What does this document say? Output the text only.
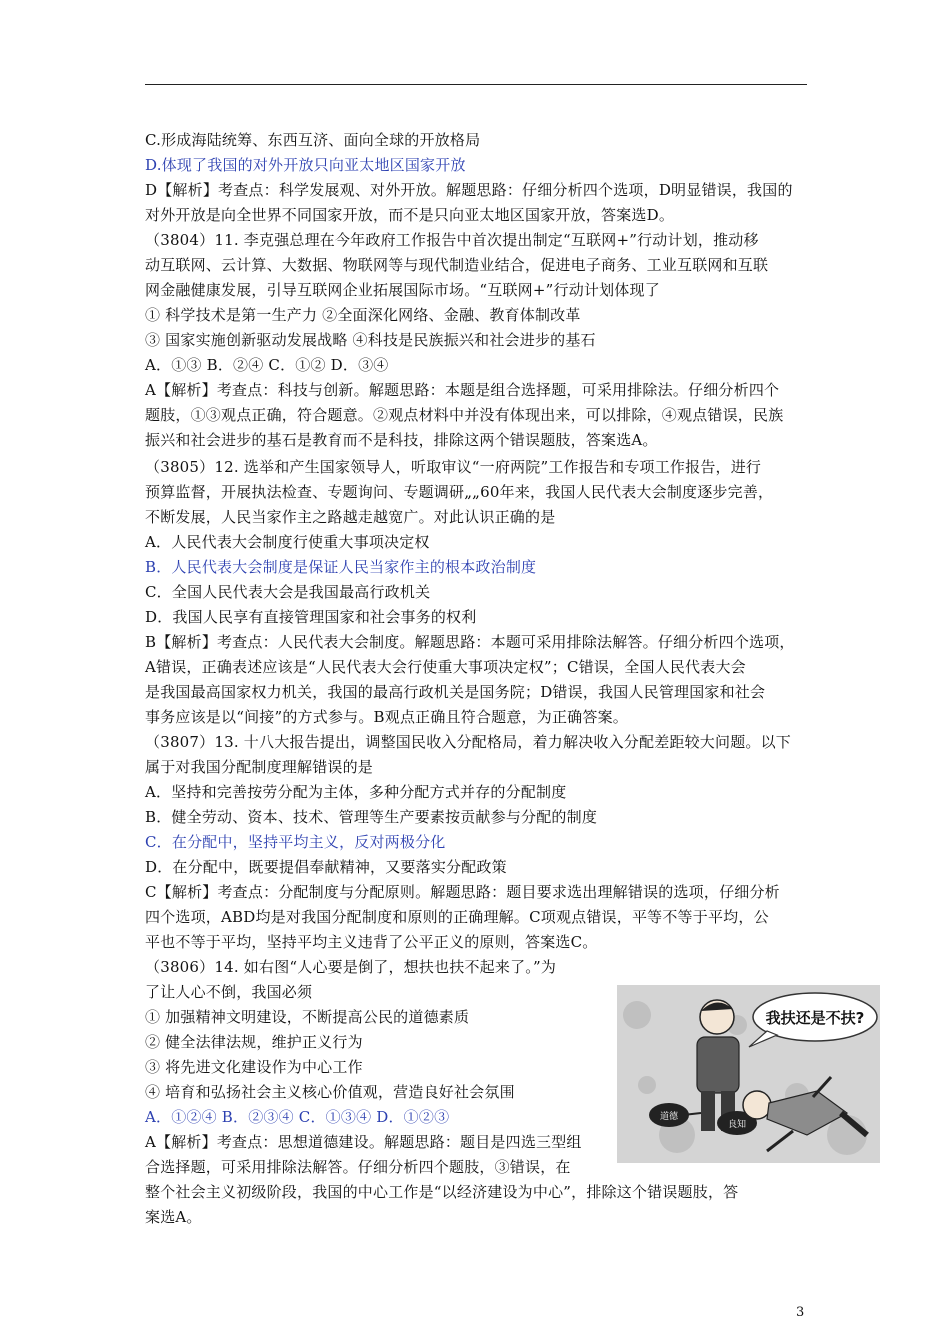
C.形成海陆统筹、东西互济、面向全球的开放格局
D.体现了我国的对外开放只向亚太地区国家开放
D【解析】考查点：科学发展观、对外开放。解题思路：仔细分析四个选项，D明显错误，我国的
对外开放是向全世界不同国家开放，而不是只向亚太地区国家开放，答案选D。
（3804）11. 李克强总理在今年政府工作报告中首次提出制定“互联网+”行动计划，推动移
动互联网、云计算、大数据、物联网等与现代制造业结合，促进电子商务、工业互联网和互联
网金融健康发展，引导互联网企业拓展国际市场。“互联网+”行动计划体现了
① 科学技术是第一生产力 ②全面深化网络、金融、教育体制改革
③ 国家实施创新驱动发展战略 ④科技是民族振兴和社会进步的基石
A．①③ B．②④ C．①② D．③④
A【解析】考查点：科技与创新。解题思路：本题是组合选择题，可采用排除法。仔细分析四个
题肢，①③观点正确，符合题意。②观点材料中并没有体现出来，可以排除，④观点错误，民族
振兴和社会进步的基石是教育而不是科技，排除这两个错误题肢，答案选A。
（3805）12. 选举和产生国家领导人，听取审议“一府两院”工作报告和专项工作报告，进行
预算监督，开展执法检查、专题询问、专题调研„„60年来，我国人民代表大会制度逐步完善，
不断发展，人民当家作主之路越走越宽广。对此认识正确的是
A．人民代表大会制度行使重大事项决定权
B．人民代表大会制度是保证人民当家作主的根本政治制度
C．全国人民代表大会是我国最高行政机关
D．我国人民享有直接管理国家和社会事务的权利
B【解析】考查点：人民代表大会制度。解题思路：本题可采用排除法解答。仔细分析四个选项，
A错误，正确表述应该是“人民代表大会行使重大事项决定权”；C错误，全国人民代表大会
是我国最高国家权力机关，我国的最高行政机关是国务院；D错误，我国人民管理国家和社会
事务应该是以“间接”的方式参与。B观点正确且符合题意，为正确答案。
（3807）13. 十八大报告提出，调整国民收入分配格局，着力解决收入分配差距较大问题。以下
属于对我国分配制度理解错误的是
A．坚持和完善按劳分配为主体，多种分配方式并存的分配制度
B．健全劳动、资本、技术、管理等生产要素按贡献参与分配的制度
C．在分配中，坚持平均主义，反对两极分化
D．在分配中，既要提倡奉献精神，又要落实分配政策
C【解析】考查点：分配制度与分配原则。解题思路：题目要求选出理解错误的选项，仔细分析
四个选项，ABD均是对我国分配制度和原则的正确理解。C项观点错误，平等不等于平均，公
平也不等于平均，坚持平均主义违背了公平正义的原则，答案选C。
（3806）14. 如右图“人心要是倒了，想扶也扶不起来了。”为
了让人心不倒，我国必须
① 加强精神文明建设，不断提高公民的道德素质
② 健全法律法规，维护正义行为
③ 将先进文化建设作为中心工作
④ 培育和弘扬社会主义核心价值观，营造良好社会氛围
A．①②④ B．②③④ C．①③④ D．①②③
A【解析】考查点：思想道德建设。解题思路：题目是四选三型组
合选择题，可采用排除法解答。仔细分析四个题肢，③错误，在
整个社会主义初级阶段，我国的中心工作是“以经济建设为中心”，排除这个错误题肢，答
案选A。
我扶还是不扶?
道德
良知
3
